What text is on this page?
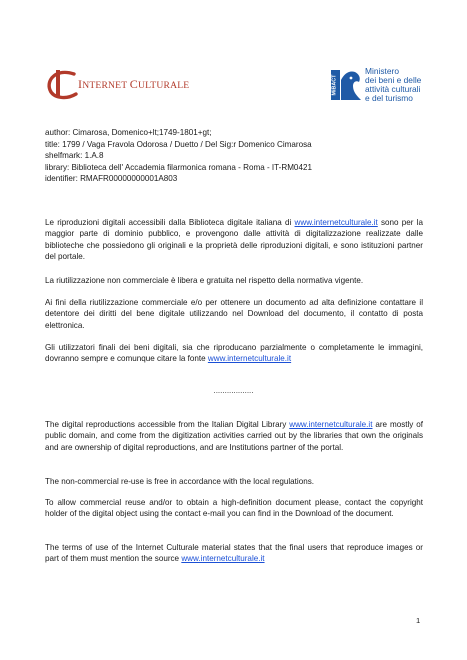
INTERNET CULTURALE	MiBACT
Ministero
dei beni e delle
attività culturali
e del turismo
author: Cimarosa, Domenico+lt;1749-1801+gt;
title: 1799 / Vaga Fravola Odorosa / Duetto / Del Sig:r Domenico Cimarosa
shelfmark: 1.A.8
library: Biblioteca dell' Accademia filarmonica romana - Roma - IT-RM0421
identifier: RMAFR00000000001A803
Le riproduzioni digitali accessibili dalla Biblioteca digitale italiana di www.internetculturale.it sono per la maggior parte di dominio pubblico, e provengono dalle attività di digitalizzazione realizzate dalle biblioteche che possiedono gli originali e la proprietà delle riproduzioni digitali, e sono istituzioni partner del portale.
La riutilizzazione non commerciale è libera e gratuita nel rispetto della normativa vigente.
Ai fini della riutilizzazione commerciale e/o per ottenere un documento ad alta definizione contattare il detentore dei diritti del bene digitale utilizzando nel Download del documento, il contatto di posta elettronica.
Gli utilizzatori finali dei beni digitali, sia che riproducano parzialmente o completamente le immagini, dovranno sempre e comunque citare la fonte www.internetculturale.it
..................
The digital reproductions accessible from the Italian Digital Library www.internetculturale.it are mostly of public domain, and come from the digitization activities carried out by the libraries that own the originals and are ownership of digital reproductions, and are Institutions partner of the portal.
The non-commercial re-use is free in accordance with the local regulations.
To allow commercial reuse and/or to obtain a high-definition document please, contact the copyright holder of the digital object using the contact e-mail you can find in the Download of the document.
The terms of use of the Internet Culturale material states that the final users that reproduce images or part of them must mention the source www.internetculturale.it
1
